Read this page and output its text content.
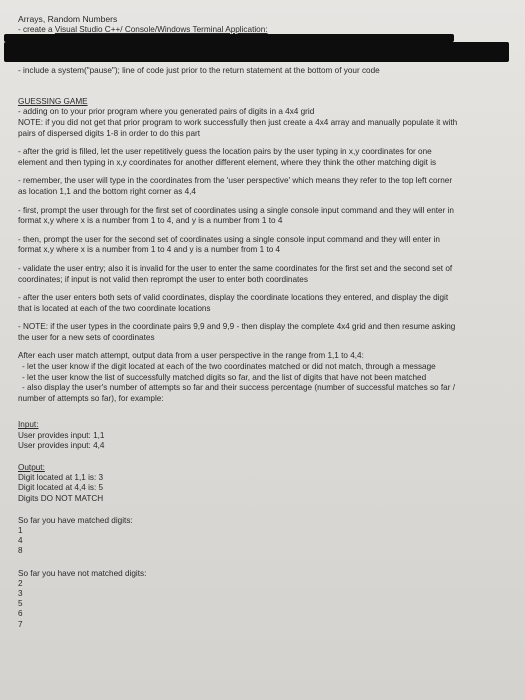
Arrays, Random Numbers

- create a Visual Studio C++/ Console/Windows Terminal Application:

- include a system("pause"); line of code just prior to the return statement at the bottom of your code

GUESSING GAME

- adding on to your prior program where you generated pairs of digits in a 4x4 grid

NOTE: if you did not get that prior program to work successfully then just create a 4x4 array and manually populate it with

pairs of dispersed digits 1-8 in order to do this part

- after the grid is filled, let the user repetitively guess the location pairs by the user typing in x,y coordinates for one

element and then typing in x,y coordinates for another different element, where they think the other matching digit is

- remember, the user will type in the coordinates from the 'user perspective' which means they refer to the top left corner

as location 1,1 and the bottom right corner as 4,4

- first, prompt the user through for the first set of coordinates using a single console input command and they will enter in

format x,y where x is a number from 1 to 4, and y is a number from 1 to 4

- then, prompt the user for the second set of coordinates using a single console input command and they will enter in

format x,y where x is a number from 1 to 4 and y is a number from 1 to 4

- validate the user entry; also it is invalid for the user to enter the same coordinates for the first set and the second set of

coordinates; if input is not valid then reprompt the user to enter both coordinates

- after the user enters both sets of valid coordinates, display the coordinate locations they entered, and display the digit

that is located at each of the two coordinate locations

- NOTE: if the user types in the coordinate pairs 9,9 and 9,9 - then display the complete 4x4 grid and then resume asking

the user for a new sets of coordinates

After each user match attempt, output data from a user perspective in the range from 1,1 to 4,4:

- let the user know if the digit located at each of the two coordinates matched or did not match, through a message

- let the user know the list of successfully matched digits so far, and the list of digits that have not been matched

- also display the user's number of attempts so far and their success percentage (number of successful matches so far /

number of attempts so far), for example:

Input:

User provides input: 1,1

User provides input: 4,4

Output:

Digit located at 1,1 is: 3

Digit located at 4,4 is: 5

Digits DO NOT MATCH

So far you have matched digits:

1

4

8

So far you have not matched digits:

2

3

5

6

7
